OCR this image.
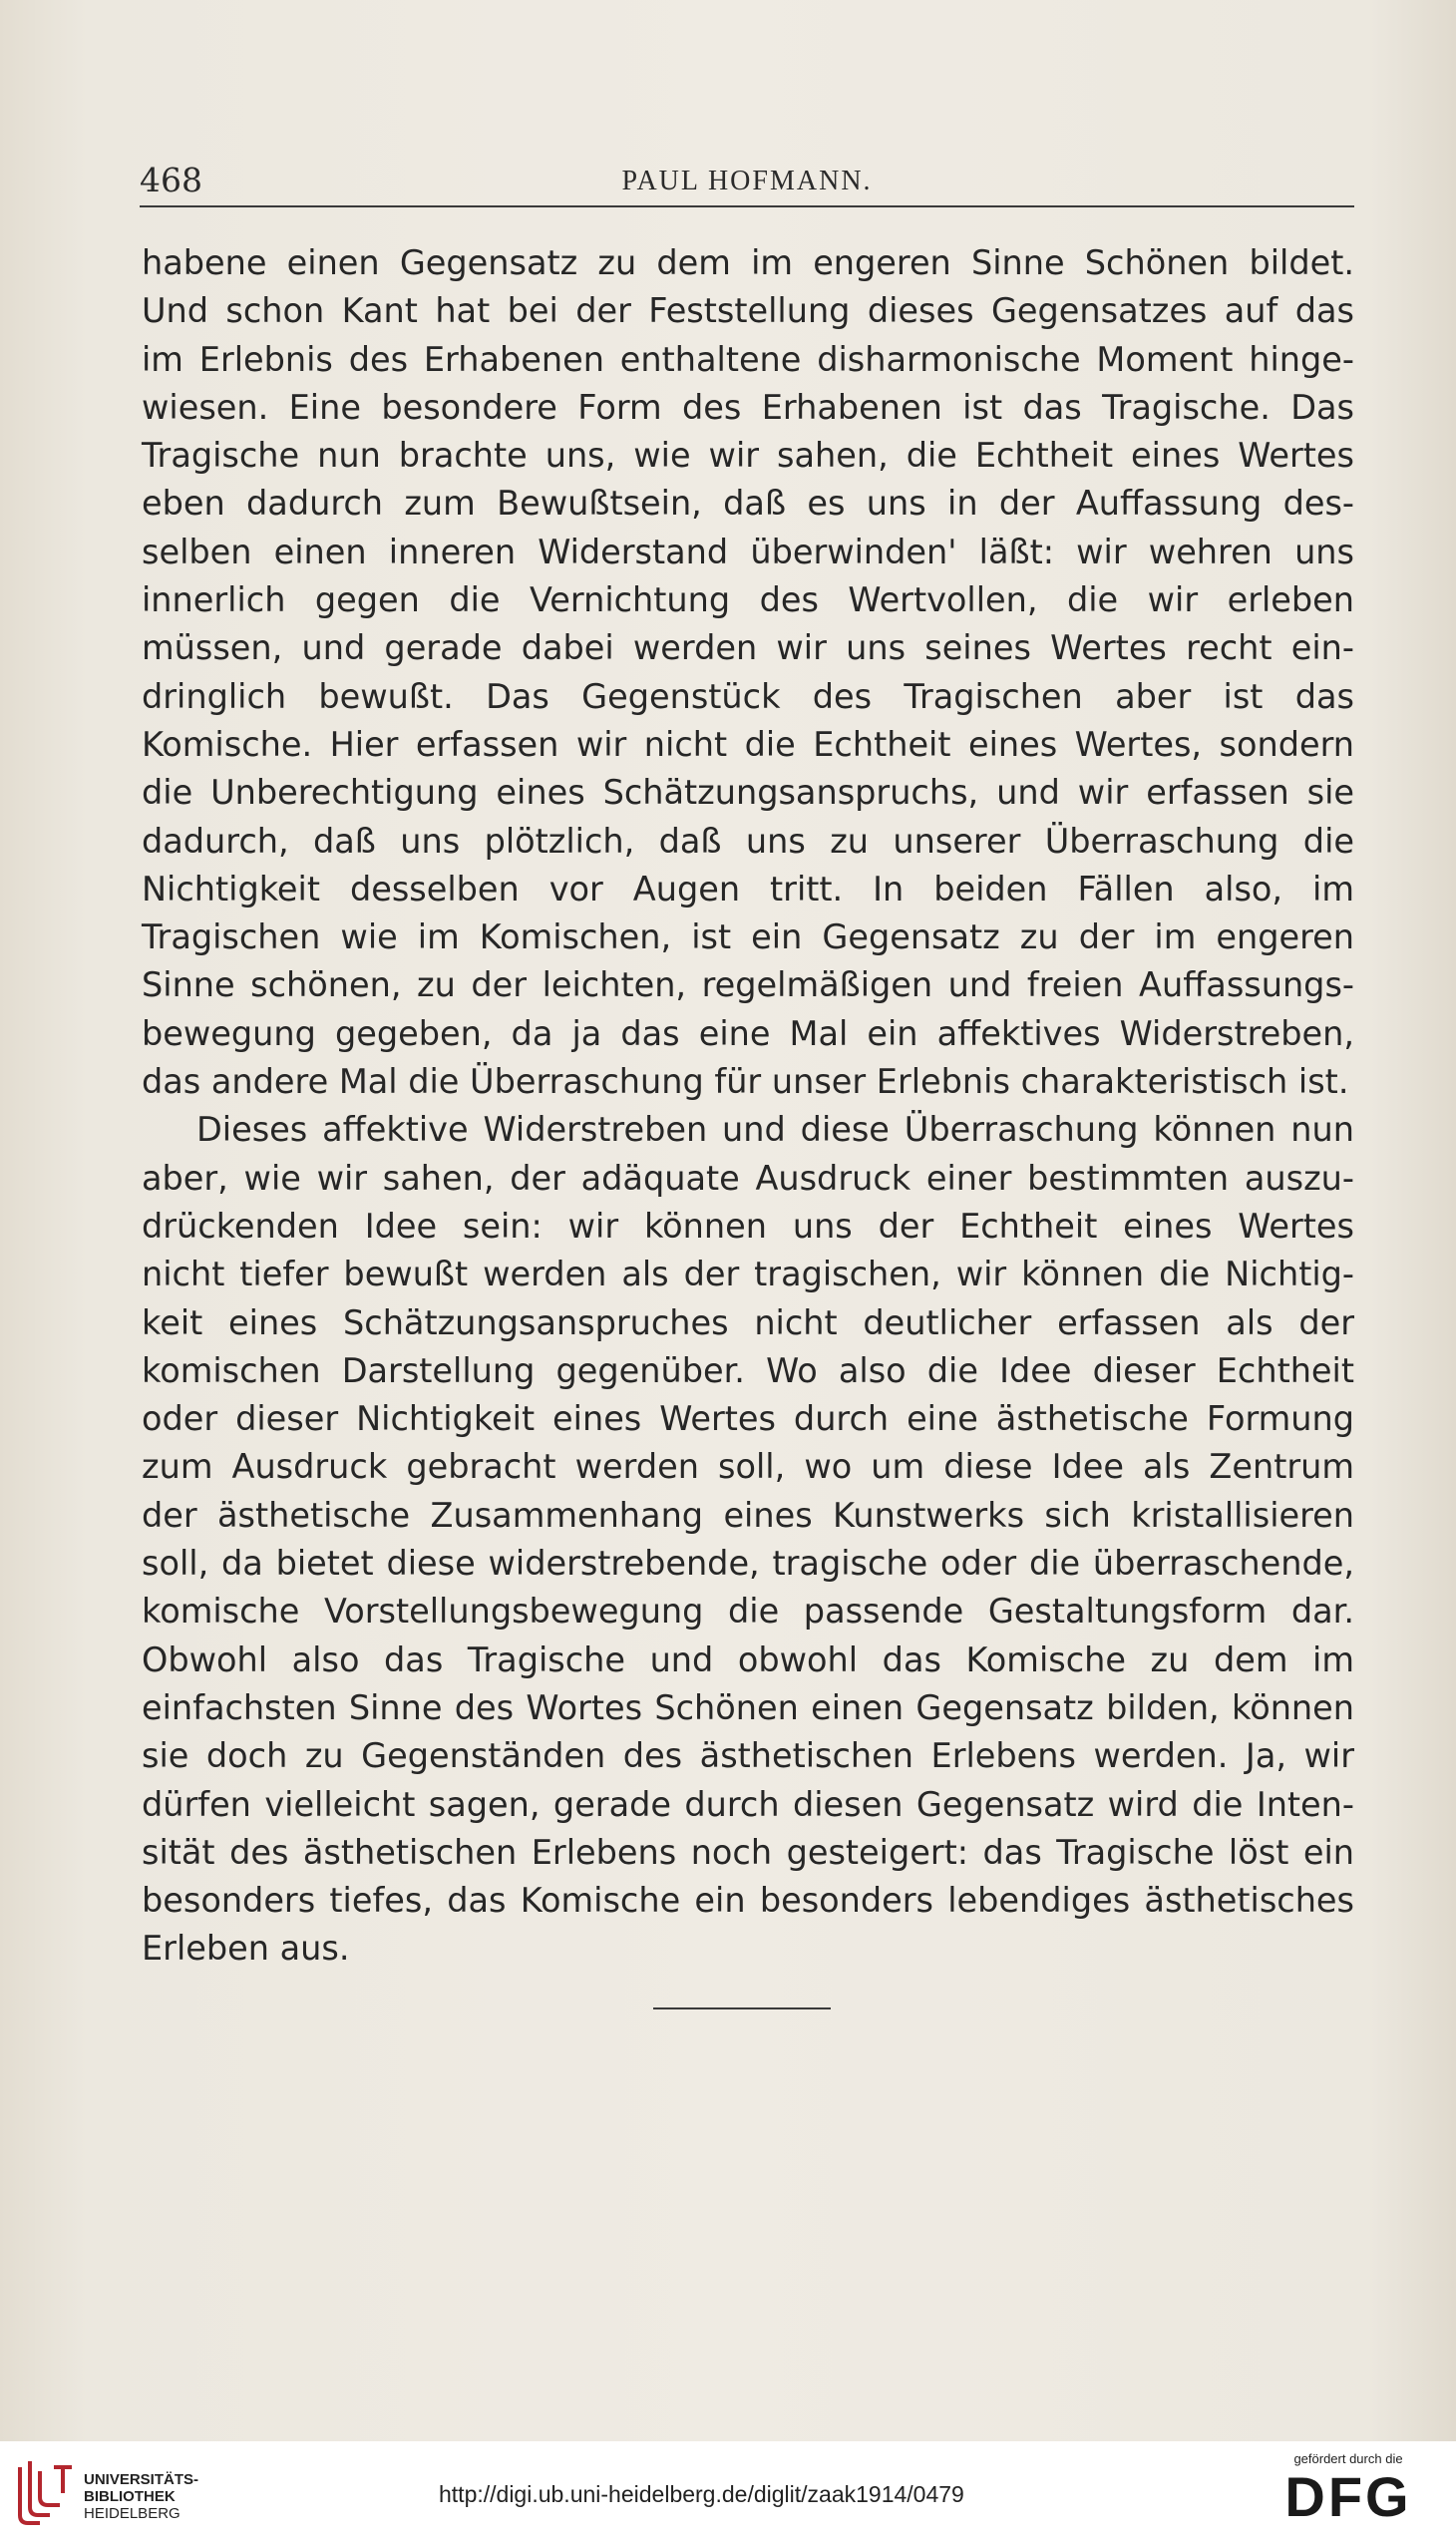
468	PAUL HOFMANN.

habene einen Gegensatz zu dem im engeren Sinne Schönen bildet.
Und schon Kant hat bei der Feststellung dieses Gegensatzes auf das
im Erlebnis des Erhabenen enthaltene disharmonische Moment hinge-
wiesen. Eine besondere Form des Erhabenen ist das Tragische. Das
Tragische nun brachte uns, wie wir sahen, die Echtheit eines Wertes
eben dadurch zum Bewußtsein, daß es uns in der Auffassung des-
selben einen inneren Widerstand überwinden' läßt: wir wehren uns
innerlich gegen die Vernichtung des Wertvollen, die wir erleben
müssen, und gerade dabei werden wir uns seines Wertes recht ein-
dringlich bewußt. Das Gegenstück des Tragischen aber ist das
Komische. Hier erfassen wir nicht die Echtheit eines Wertes, sondern
die Unberechtigung eines Schätzungsanspruchs, und wir erfassen sie
dadurch, daß uns plötzlich, daß uns zu unserer Überraschung die
Nichtigkeit desselben vor Augen tritt. In beiden Fällen also, im
Tragischen wie im Komischen, ist ein Gegensatz zu der im engeren
Sinne schönen, zu der leichten, regelmäßigen und freien Auffassungs-
bewegung gegeben, da ja das eine Mal ein affektives Widerstreben,
das andere Mal die Überraschung für unser Erlebnis charakteristisch ist.

Dieses affektive Widerstreben und diese Überraschung können nun
aber, wie wir sahen, der adäquate Ausdruck einer bestimmten auszu-
drückenden Idee sein: wir können uns der Echtheit eines Wertes
nicht tiefer bewußt werden als der tragischen, wir können die Nichtig-
keit eines Schätzungsanspruches nicht deutlicher erfassen als der
komischen Darstellung gegenüber. Wo also die Idee dieser Echtheit
oder dieser Nichtigkeit eines Wertes durch eine ästhetische Formung
zum Ausdruck gebracht werden soll, wo um diese Idee als Zentrum
der ästhetische Zusammenhang eines Kunstwerks sich kristallisieren
soll, da bietet diese widerstrebende, tragische oder die überraschende,
komische Vorstellungsbewegung die passende Gestaltungsform dar.
Obwohl also das Tragische und obwohl das Komische zu dem im
einfachsten Sinne des Wortes Schönen einen Gegensatz bilden, können
sie doch zu Gegenständen des ästhetischen Erlebens werden. Ja, wir
dürfen vielleicht sagen, gerade durch diesen Gegensatz wird die Inten-
sität des ästhetischen Erlebens noch gesteigert: das Tragische löst ein
besonders tiefes, das Komische ein besonders lebendiges ästhetisches
Erleben aus.

UNIVERSITÄTS-
BIBLIOTHEK
HEIDELBERG
http://digi.ub.uni-heidelberg.de/diglit/zaak1914/0479
gefördert durch die
DFG
